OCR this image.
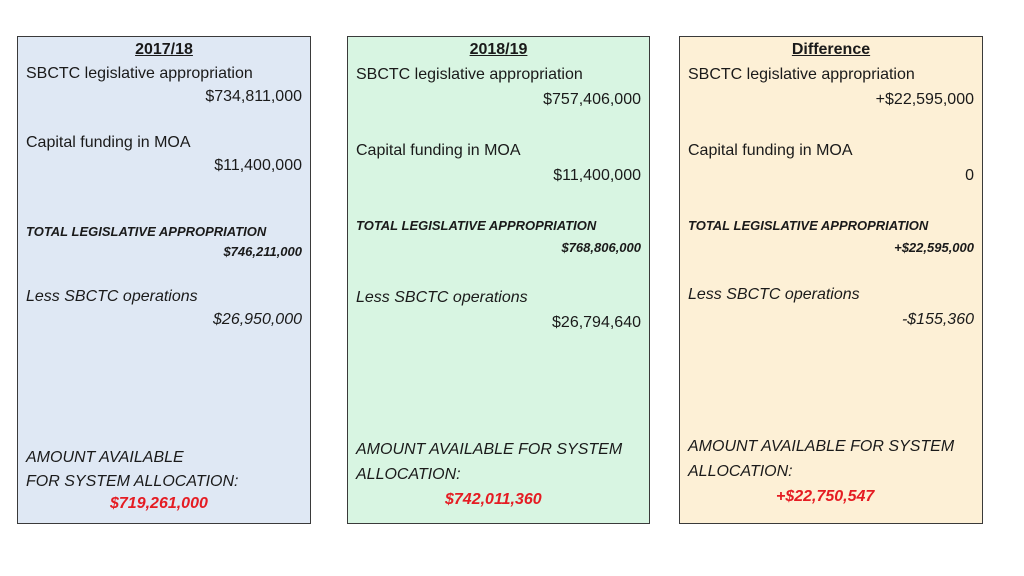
2017/18
SBCTC legislative appropriation
$734,811,000
Capital funding in MOA
$11,400,000
TOTAL LEGISLATIVE APPROPRIATION
$746,211,000
Less SBCTC operations
$26,950,000
AMOUNT AVAILABLE
FOR SYSTEM ALLOCATION:
$719,261,000
2018/19
SBCTC legislative appropriation
$757,406,000
Capital funding in MOA
$11,400,000
TOTAL LEGISLATIVE APPROPRIATION
$768,806,000
Less SBCTC operations
$26,794,640
AMOUNT AVAILABLE FOR SYSTEM
ALLOCATION:
$742,011,360
Difference
SBCTC legislative appropriation
+$22,595,000
Capital funding in MOA
0
TOTAL LEGISLATIVE APPROPRIATION
+$22,595,000
Less SBCTC operations
-$155,360
AMOUNT AVAILABLE FOR SYSTEM
ALLOCATION:
+$22,750,547
